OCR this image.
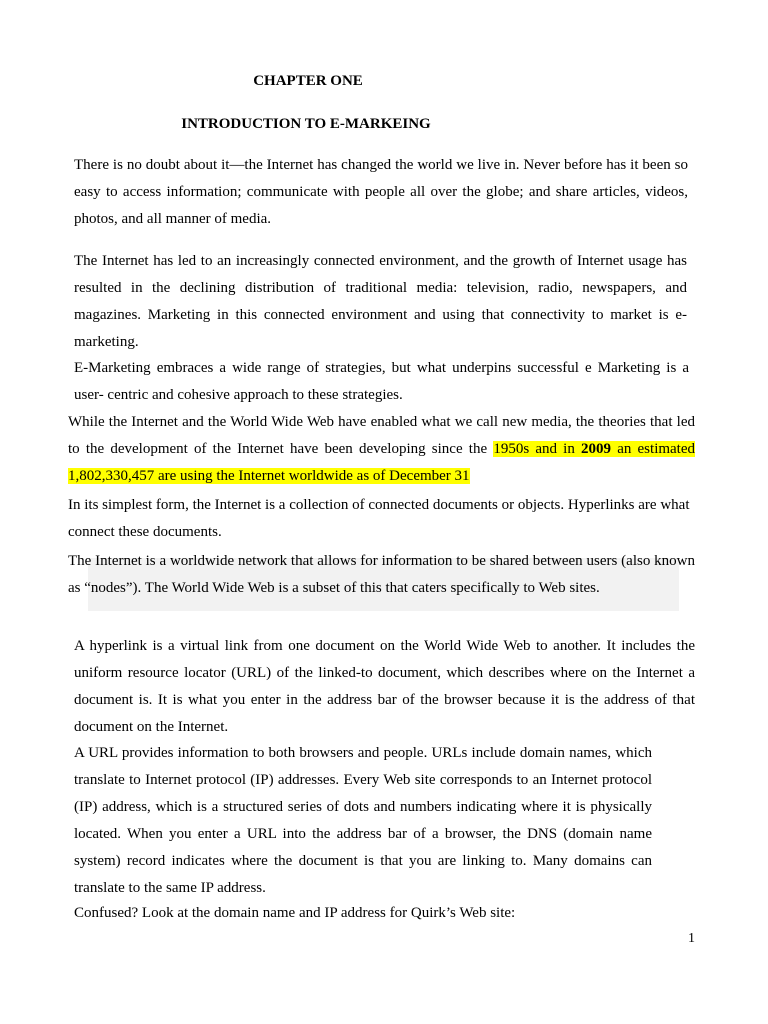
CHAPTER ONE
INTRODUCTION TO E-MARKEING

There is no doubt about it—the Internet has changed the world we live in. Never before has it been so easy to access information; communicate with people all over the globe; and share articles, videos, photos, and all manner of media.

The Internet has led to an increasingly connected environment, and the growth of Internet usage has resulted in the declining distribution of traditional media: television, radio, newspapers, and magazines. Marketing in this connected environment and using that connectivity to market is e-marketing.

E-Marketing embraces a wide range of strategies, but what underpins successful e Marketing is a user- centric and cohesive approach to these strategies.

While the Internet and the World Wide Web have enabled what we call new media, the theories that led to the development of the Internet have been developing since the 1950s and in 2009 an estimated 1,802,330,457 are using the Internet worldwide as of December 31

In its simplest form, the Internet is a collection of connected documents or objects. Hyperlinks are what connect these documents.

The Internet is a worldwide network that allows for information to be shared between users (also known as “nodes”). The World Wide Web is a subset of this that caters specifically to Web sites.

A hyperlink is a virtual link from one document on the World Wide Web to another. It includes the uniform resource locator (URL) of the linked-to document, which describes where on the Internet a document is. It is what you enter in the address bar of the browser because it is the address of that document on the Internet.

A URL provides information to both browsers and people. URLs include domain names, which translate to Internet protocol (IP) addresses. Every Web site corresponds to an Internet protocol (IP) address, which is a structured series of dots and numbers indicating where it is physically located. When you enter a URL into the address bar of a browser, the DNS (domain name system) record indicates where the document is that you are linking to. Many domains can translate to the same IP address.

Confused? Look at the domain name and IP address for Quirk’s Web site:

1
